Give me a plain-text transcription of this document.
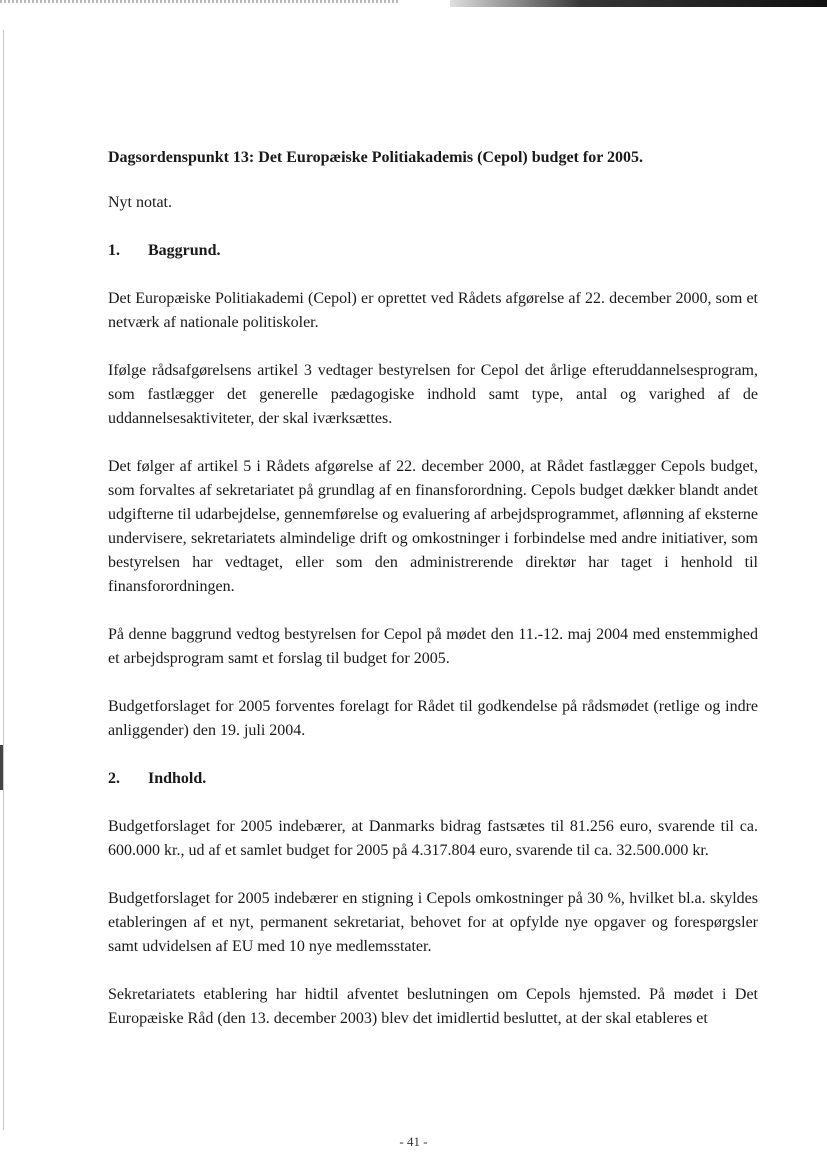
Dagsordenspunkt 13: Det Europæiske Politiakademis (Cepol) budget for 2005.

Nyt notat.

1. Baggrund.

Det Europæiske Politiakademi (Cepol) er oprettet ved Rådets afgørelse af 22. december 2000, som et netværk af nationale politiskoler.

Ifølge rådsafgørelsens artikel 3 vedtager bestyrelsen for Cepol det årlige efteruddannelsesprogram, som fastlægger det generelle pædagogiske indhold samt type, antal og varighed af de uddannelsesaktiviteter, der skal iværksættes.

Det følger af artikel 5 i Rådets afgørelse af 22. december 2000, at Rådet fastlægger Cepols budget, som forvaltes af sekretariatet på grundlag af en finansforordning. Cepols budget dækker blandt andet udgifterne til udarbejdelse, gennemførelse og evaluering af arbejdsprogrammet, aflønning af eksterne undervisere, sekretariatets almindelige drift og omkostninger i forbindelse med andre initiativer, som bestyrelsen har vedtaget, eller som den administrerende direktør har taget i henhold til finansforordningen.

På denne baggrund vedtog bestyrelsen for Cepol på mødet den 11.-12. maj 2004 med enstemmighed et arbejdsprogram samt et forslag til budget for 2005.

Budgetforslaget for 2005 forventes forelagt for Rådet til godkendelse på rådsmødet (retlige og indre anliggender) den 19. juli 2004.

2. Indhold.

Budgetforslaget for 2005 indebærer, at Danmarks bidrag fastsætes til 81.256 euro, svarende til ca. 600.000 kr., ud af et samlet budget for 2005 på 4.317.804 euro, svarende til ca. 32.500.000 kr.

Budgetforslaget for 2005 indebærer en stigning i Cepols omkostninger på 30 %, hvilket bl.a. skyldes etableringen af et nyt, permanent sekretariat, behovet for at opfylde nye opgaver og forespørgsler samt udvidelsen af EU med 10 nye medlemsstater.

Sekretariatets etablering har hidtil afventet beslutningen om Cepols hjemsted. På mødet i Det Europæiske Råd (den 13. december 2003) blev det imidlertid besluttet, at der skal etableres et

- 41 -
